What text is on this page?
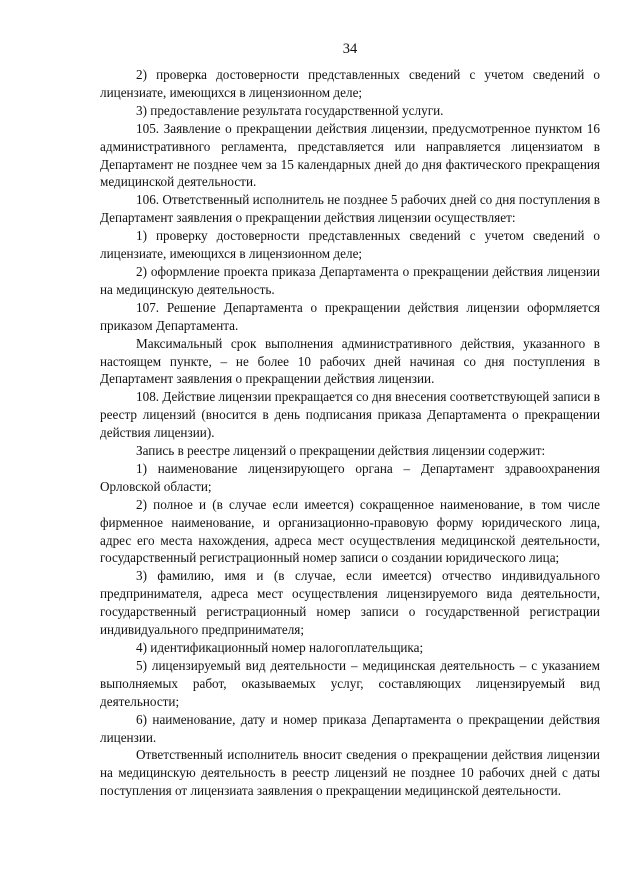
34

2) проверка достоверности представленных сведений с учетом сведений о лицензиате, имеющихся в лицензионном деле;

3) предоставление результата государственной услуги.

105. Заявление о прекращении действия лицензии, предусмотренное пунктом 16 административного регламента, представляется или направляется лицензиатом в Департамент не позднее чем за 15 календарных дней до дня фактического прекращения медицинской деятельности.

106. Ответственный исполнитель не позднее 5 рабочих дней со дня поступления в Департамент заявления о прекращении действия лицензии осуществляет:

1) проверку достоверности представленных сведений с учетом сведений о лицензиате, имеющихся в лицензионном деле;

2) оформление проекта приказа Департамента о прекращении действия лицензии на медицинскую деятельность.

107. Решение Департамента о прекращении действия лицензии оформляется приказом Департамента.

Максимальный срок выполнения административного действия, указанного в настоящем пункте, – не более 10 рабочих дней начиная со дня поступления в Департамент заявления о прекращении действия лицензии.

108. Действие лицензии прекращается со дня внесения соответствующей записи в реестр лицензий (вносится в день подписания приказа Департамента о прекращении действия лицензии).

Запись в реестре лицензий о прекращении действия лицензии содержит:

1) наименование лицензирующего органа – Департамент здравоохранения Орловской области;

2) полное и (в случае если имеется) сокращенное наименование, в том числе фирменное наименование, и организационно-правовую форму юридического лица, адрес его места нахождения, адреса мест осуществления медицинской деятельности, государственный регистрационный номер записи о создании юридического лица;

3) фамилию, имя и (в случае, если имеется) отчество индивидуального предпринимателя, адреса мест осуществления лицензируемого вида деятельности, государственный регистрационный номер записи о государственной регистрации индивидуального предпринимателя;

4) идентификационный номер налогоплательщика;

5) лицензируемый вид деятельности – медицинская деятельность – с указанием выполняемых работ, оказываемых услуг, составляющих лицензируемый вид деятельности;

6) наименование, дату и номер приказа Департамента о прекращении действия лицензии.

Ответственный исполнитель вносит сведения о прекращении действия лицензии на медицинскую деятельность в реестр лицензий не позднее 10 рабочих дней с даты поступления от лицензиата заявления о прекращении медицинской деятельности.
